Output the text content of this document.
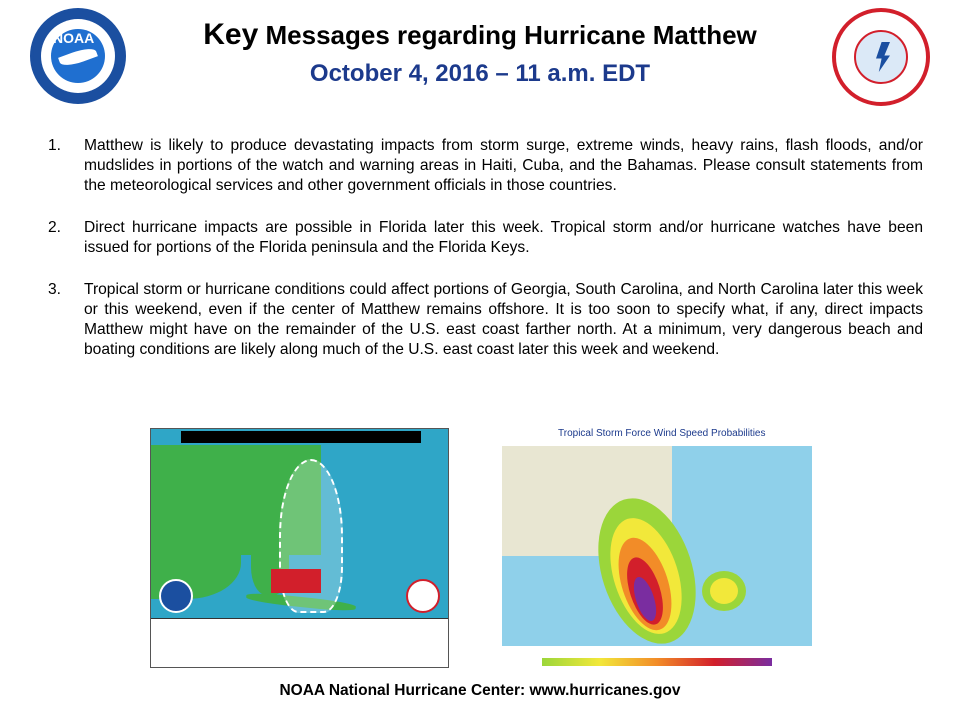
NOAA	Key Messages regarding Hurricane Matthew
October 4, 2016 – 11 a.m. EDT
1. Matthew is likely to produce devastating impacts from storm surge, extreme winds, heavy rains, flash floods, and/or mudslides in portions of the watch and warning areas in Haiti, Cuba, and the Bahamas. Please consult statements from the meteorological services and other government officials in those countries.
2. Direct hurricane impacts are possible in Florida later this week. Tropical storm and/or hurricane watches have been issued for portions of the Florida peninsula and the Florida Keys.
3. Tropical storm or hurricane conditions could affect portions of Georgia, South Carolina, and North Carolina later this week or this weekend, even if the center of Matthew remains offshore. It is too soon to specify what, if any, direct impacts Matthew might have on the remainder of the U.S. east coast farther north. At a minimum, very dangerous beach and boating conditions are likely along much of the U.S. east coast later this week and weekend.
Tropical Storm Force Wind Speed Probabilities
NOAA National Hurricane Center: www.hurricanes.gov
